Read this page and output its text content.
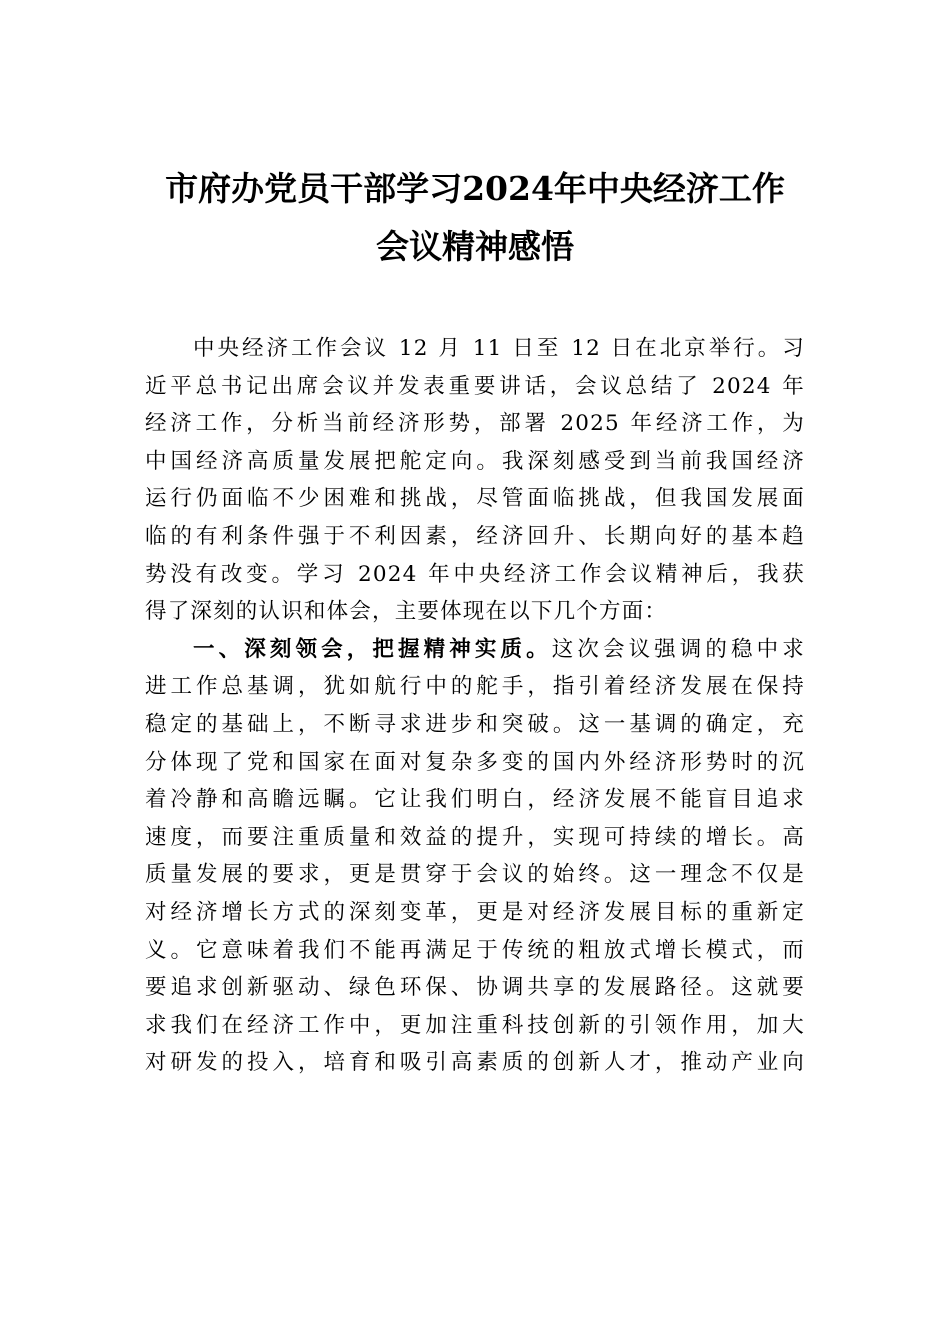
市府办党员干部学习2024年中央经济工作
会议精神感悟
中央经济工作会议 12 月 11 日至 12 日在北京举行。习
近平总书记出席会议并发表重要讲话，会议总结了 2024 年
经济工作，分析当前经济形势，部署 2025 年经济工作，为
中国经济高质量发展把舵定向。我深刻感受到当前我国经济
运行仍面临不少困难和挑战，尽管面临挑战，但我国发展面
临的有利条件强于不利因素，经济回升、长期向好的基本趋
势没有改变。学习 2024 年中央经济工作会议精神后，我获
得了深刻的认识和体会，主要体现在以下几个方面：
一、深刻领会，把握精神实质。这次会议强调的稳中求
进工作总基调，犹如航行中的舵手，指引着经济发展在保持
稳定的基础上，不断寻求进步和突破。这一基调的确定，充
分体现了党和国家在面对复杂多变的国内外经济形势时的沉
着冷静和高瞻远瞩。它让我们明白，经济发展不能盲目追求
速度，而要注重质量和效益的提升，实现可持续的增长。高
质量发展的要求，更是贯穿于会议的始终。这一理念不仅是
对经济增长方式的深刻变革，更是对经济发展目标的重新定
义。它意味着我们不能再满足于传统的粗放式增长模式，而
要追求创新驱动、绿色环保、协调共享的发展路径。这就要
求我们在经济工作中，更加注重科技创新的引领作用，加大
对研发的投入，培育和吸引高素质的创新人才，推动产业向
